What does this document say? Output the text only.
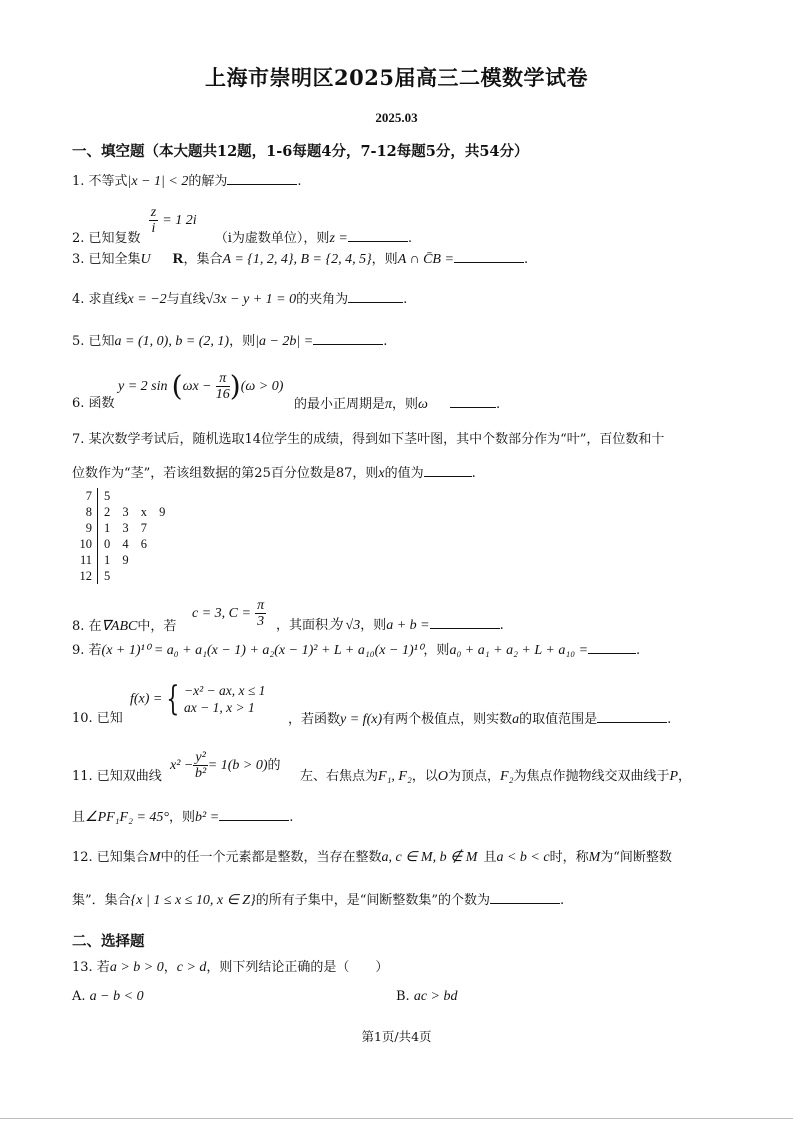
上海市崇明区2025届高三二模数学试卷
2025.03
一、填空题（本大题共12题，1-6每题4分，7-12每题5分，共54分）
1. 不等式|x − 1| < 2的解为	.
2. 已知复数
$\frac{z}{i} = 1$ 2i （i为虚数单位），则z =	.
3. 已知全集U R，集合A = {1, 2, 4}, B = {2, 4, 5}，则A ∩ C̄B =	.
4. 求直线x = −2与直线√3x − y + 1 = 0的夹角为	.
5. 已知a = (1, 0), b = (2, 1)，则|a − 2b| =	.
6. 函数
y = 2 $\sin (\omega x - \frac{\pi}{16} )(\omega > 0)$
的最小正周期是π，则ω	.
7. 某次数学考试后，随机选取14位学生的成绩，得到如下茎叶图，其中个数部分作为“叶”，百位数和十
位数作为“茎”，若该组数据的第25百分位数是87，则x的值为	.
7 5
8 2 3 x 9
9 1 3 7
10 0 4 6
11 1 9
12 5
8. 在∇ABC中，若
c = 3, $C = \frac{\pi}{3}$ ，其面积为 √3，则a + b =	.
9. 若(x + 1)¹⁰ = a₀ + a₁(x − 1) + a₂(x − 1)² + L + a₁₀(x − 1)¹⁰，则a₀ + a₁ + a₂ + L + a₁₀ =	.
10. 已知
f(x) = { −x² − ax, x ≤ 1
ax − 1, x > 1
，若函数y = f(x)有两个极值点，则实数a的取值范围是	.
11. 已知双曲线
$x^2 - \frac{\text{y²}}{\text{b²}} = 1(b > 0)$的
左、右焦点为F₁, F₂，以O为顶点，F₂为焦点作抛物线交双曲线于P，
且∠PF₁F₂ = 45°，则b² =	.
12. 已知集合M中的任一个元素都是整数，当存在整数a, c ∈ M, b ∉ M 且a < b < c时，称M为“间断整数
集”．集合{x | 1 ≤ x ≤ 10, x ∈ Z}的所有子集中，是“间断整数集”的个数为	.
二、选择题
13. 若a > b > 0，c > d，则下列结论正确的是（　　）
A. a − b < 0	B. ac > bd
第1页/共4页
